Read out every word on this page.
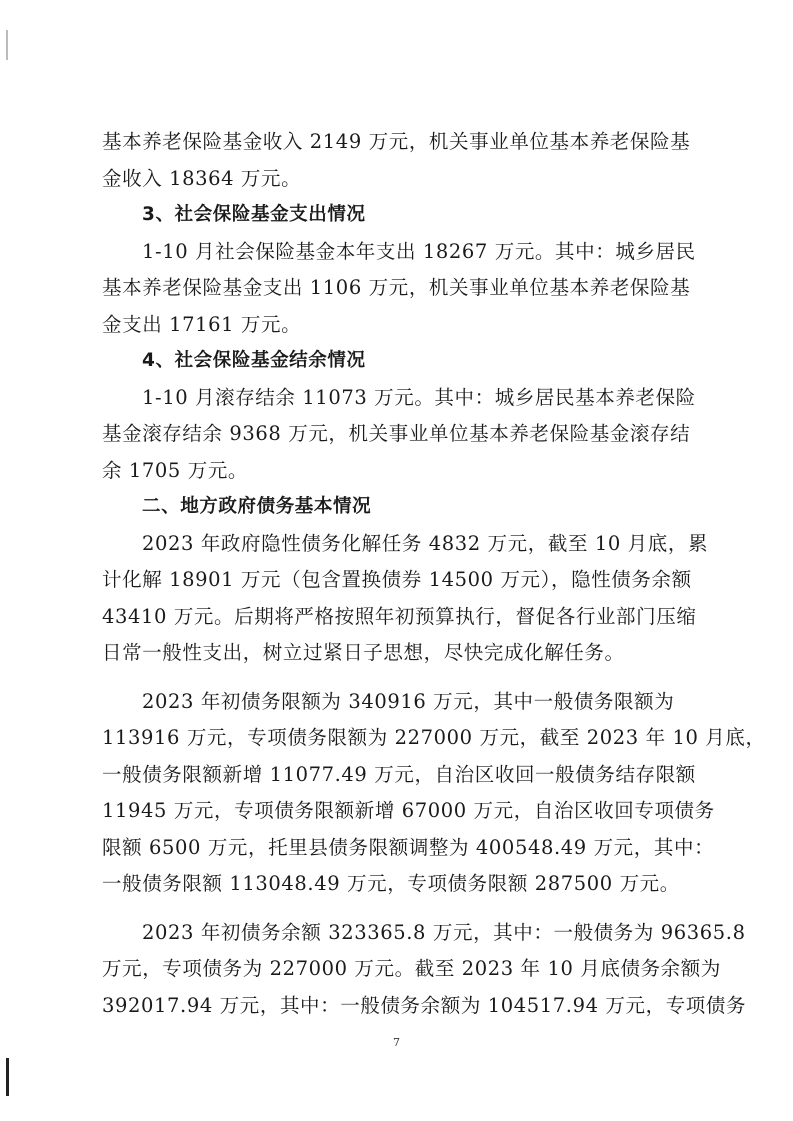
基本养老保险基金收入 2149 万元，机关事业单位基本养老保险基
金收入 18364 万元。
3、社会保险基金支出情况
1-10 月社会保险基金本年支出 18267 万元。其中：城乡居民
基本养老保险基金支出 1106 万元，机关事业单位基本养老保险基
金支出 17161 万元。
4、社会保险基金结余情况
1-10 月滚存结余 11073 万元。其中：城乡居民基本养老保险
基金滚存结余 9368 万元，机关事业单位基本养老保险基金滚存结
余 1705 万元。
二、地方政府债务基本情况
2023 年政府隐性债务化解任务 4832 万元，截至 10 月底，累
计化解 18901 万元（包含置换债券 14500 万元），隐性债务余额
43410 万元。后期将严格按照年初预算执行，督促各行业部门压缩
日常一般性支出，树立过紧日子思想，尽快完成化解任务。
2023 年初债务限额为 340916 万元，其中一般债务限额为
113916 万元，专项债务限额为 227000 万元，截至 2023 年 10 月底，
一般债务限额新增 11077.49 万元，自治区收回一般债务结存限额
11945 万元，专项债务限额新增 67000 万元，自治区收回专项债务
限额 6500 万元，托里县债务限额调整为 400548.49 万元，其中：
一般债务限额 113048.49 万元，专项债务限额 287500 万元。
2023 年初债务余额 323365.8 万元，其中：一般债务为 96365.8
万元，专项债务为 227000 万元。截至 2023 年 10 月底债务余额为
392017.94 万元，其中：一般债务余额为 104517.94 万元，专项债务
7
